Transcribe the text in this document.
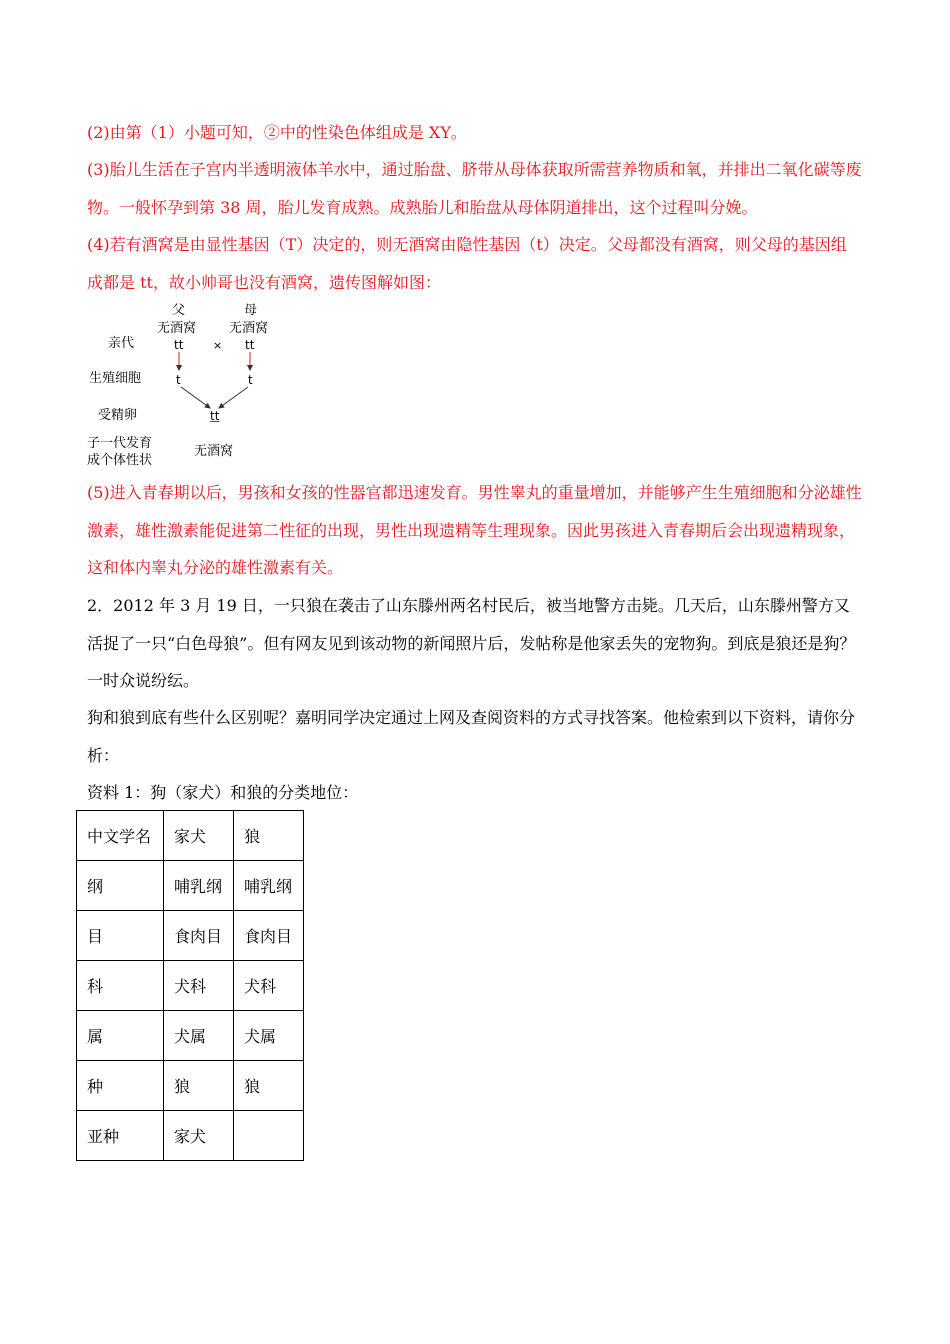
(2)由第（1）小题可知，②中的性染色体组成是 XY。
(3)胎儿生活在子宫内半透明液体羊水中，通过胎盘、脐带从母体获取所需营养物质和氧，并排出二氧化碳等废物。一般怀孕到第 38 周，胎儿发育成熟。成熟胎儿和胎盘从母体阴道排出，这个过程叫分娩。
(4)若有酒窝是由显性基因（T）决定的，则无酒窝由隐性基因（t）决定。父母都没有酒窝，则父母的基因组成都是 tt，故小帅哥也没有酒窝，遗传图解如图：
父	母
无酒窝	无酒窝
亲代	tt	× tt
生殖细胞	t	t
受精卵	tt
子一代发育
成个体性状
无酒窝
(5)进入青春期以后，男孩和女孩的性器官都迅速发育。男性睾丸的重量增加，并能够产生生殖细胞和分泌雄性激素，雄性激素能促进第二性征的出现，男性出现遗精等生理现象。因此男孩进入青春期后会出现遗精现象，这和体内睾丸分泌的雄性激素有关。
2．2012 年 3 月 19 日，一只狼在袭击了山东滕州两名村民后，被当地警方击毙。几天后，山东滕州警方又活捉了一只“白色母狼”。但有网友见到该动物的新闻照片后，发帖称是他家丢失的宠物狗。到底是狼还是狗？一时众说纷纭。
狗和狼到底有些什么区别呢？嘉明同学决定通过上网及查阅资料的方式寻找答案。他检索到以下资料，请你分析：
资料 1：狗（家犬）和狼的分类地位：
中文学名	家犬	狼
纲	哺乳纲	哺乳纲
目	食肉目	食肉目
科	犬科	犬科
属	犬属	犬属
种	狼	狼
亚种	家犬	
